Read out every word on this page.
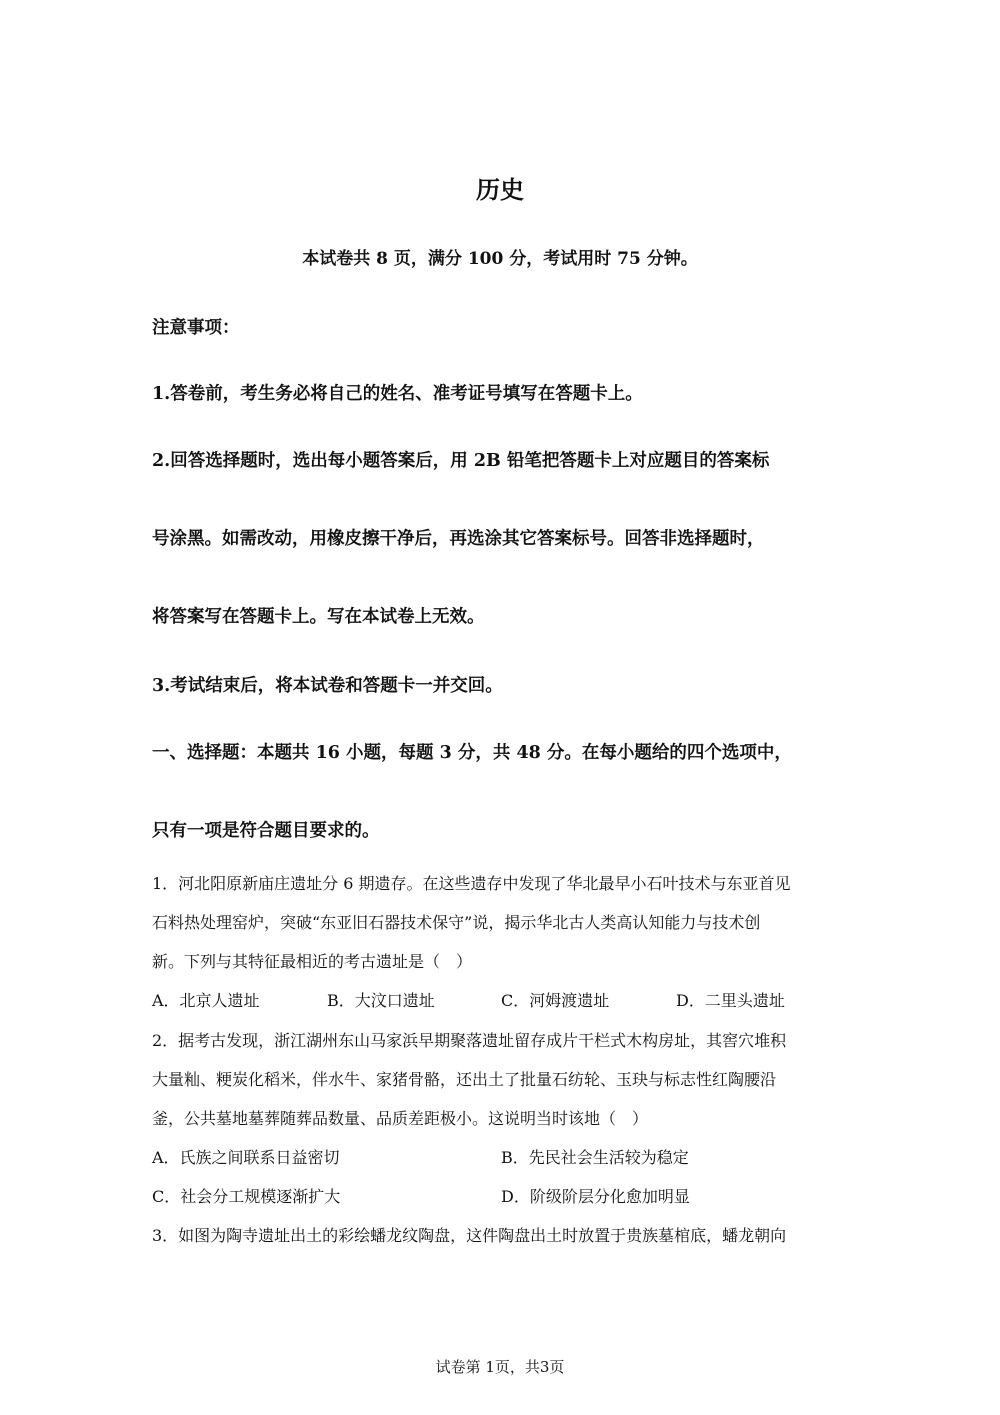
历史
本试卷共 8 页，满分 100 分，考试用时 75 分钟。
注意事项：
1.答卷前，考生务必将自己的姓名、准考证号填写在答题卡上。
2.回答选择题时，选出每小题答案后，用 2B 铅笔把答题卡上对应题目的答案标
号涂黑。如需改动，用橡皮擦干净后，再选涂其它答案标号。回答非选择题时，
将答案写在答题卡上。写在本试卷上无效。
3.考试结束后，将本试卷和答题卡一并交回。
一、选择题：本题共 16 小题，每题 3 分，共 48 分。在每小题给的四个选项中，
只有一项是符合题目要求的。
1．河北阳原新庙庄遗址分 6 期遗存。在这些遗存中发现了华北最早小石叶技术与东亚首见
石料热处理窑炉，突破“东亚旧石器技术保守”说，揭示华北古人类高认知能力与技术创
新。下列与其特征最相近的考古遗址是（　）
A．北京人遗址	B．大汶口遗址	C．河姆渡遗址	D．二里头遗址
2．据考古发现，浙江湖州东山马家浜早期聚落遗址留存成片干栏式木构房址，其窖穴堆积
大量籼、粳炭化稻米，伴水牛、家猪骨骼，还出土了批量石纺轮、玉玦与标志性红陶腰沿
釜，公共墓地墓葬随葬品数量、品质差距极小。这说明当时该地（　）
A．氏族之间联系日益密切	B．先民社会生活较为稳定
C．社会分工规模逐渐扩大	D．阶级阶层分化愈加明显
3．如图为陶寺遗址出土的彩绘蟠龙纹陶盘，这件陶盘出土时放置于贵族墓棺底，蟠龙朝向
试卷第 1页，共3页
